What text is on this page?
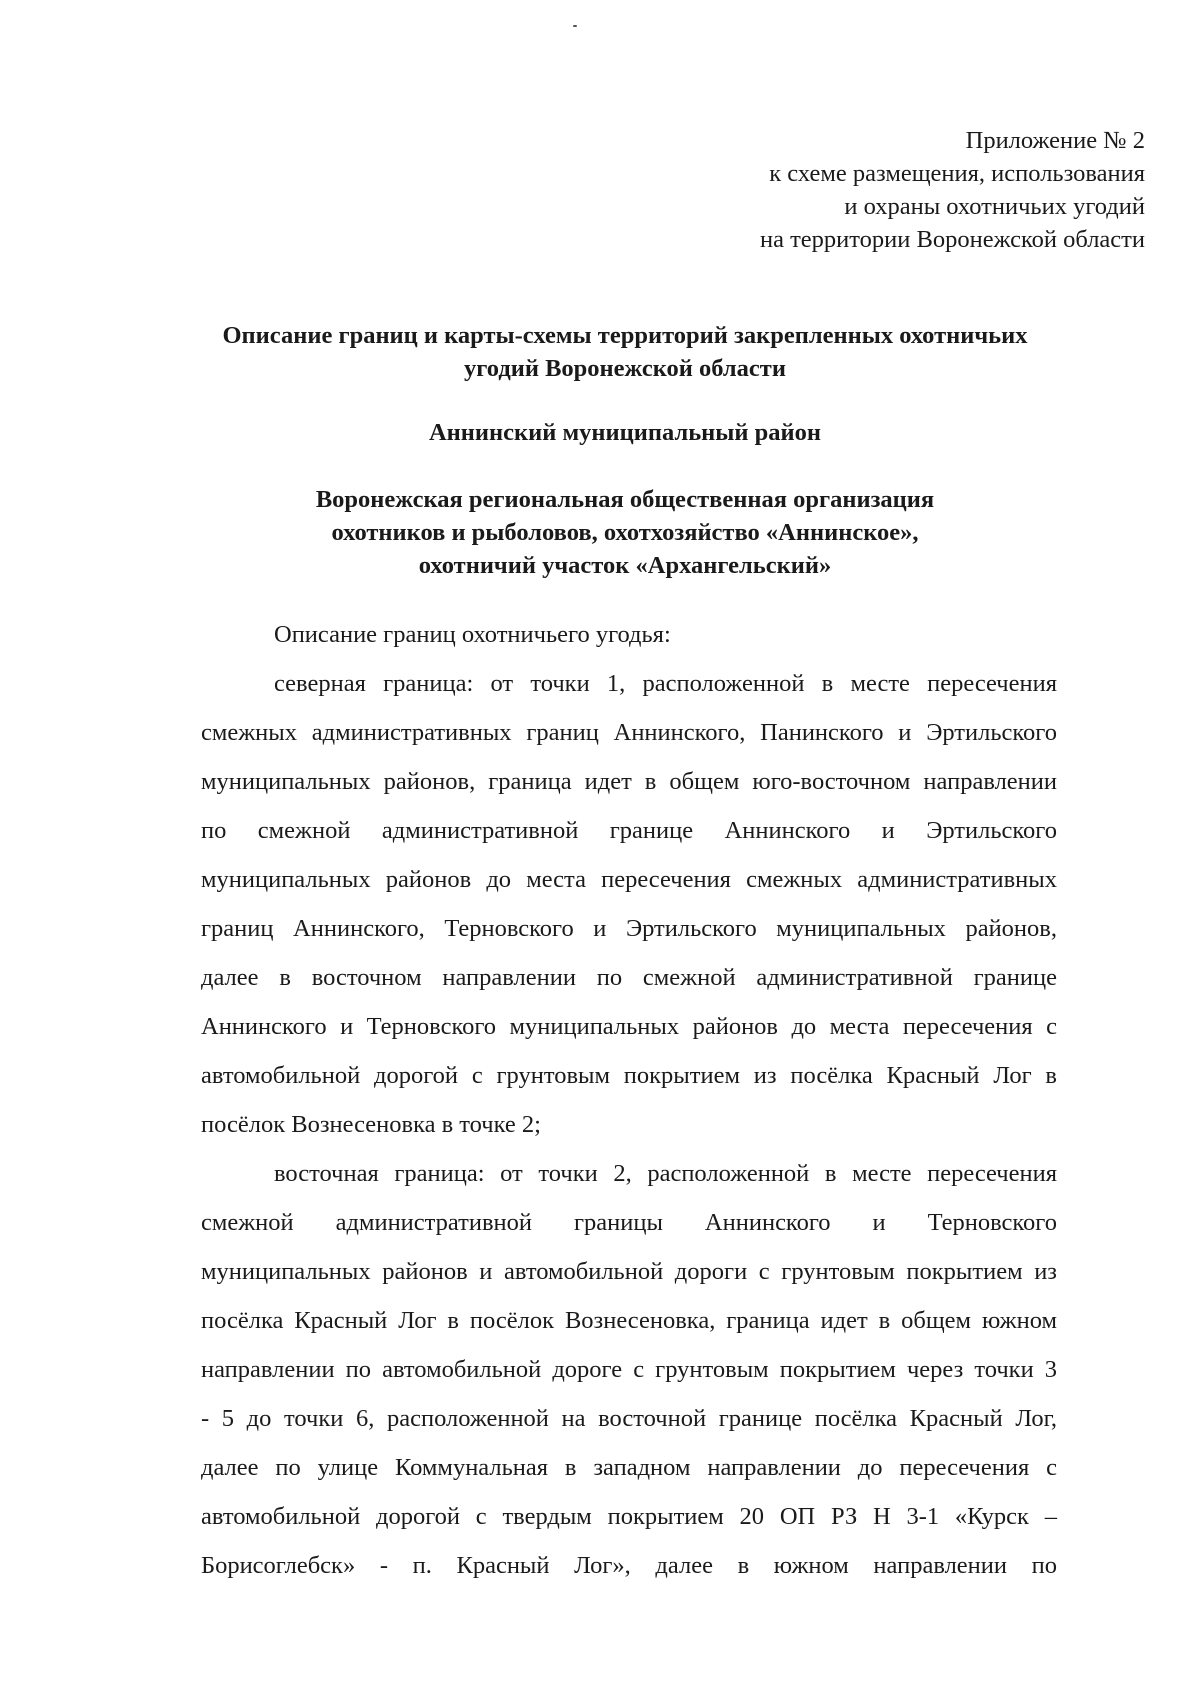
Приложение № 2
к схеме размещения, использования
и охраны охотничьих угодий
на территории Воронежской области
Описание границ и карты-схемы территорий закрепленных охотничьих
угодий Воронежской области
Аннинский муниципальный район
Воронежская региональная общественная организация
охотников и рыболовов, охотхозяйство «Аннинское»,
охотничий участок «Архангельский»
Описание границ охотничьего угодья:
северная граница: от точки 1, расположенной в месте пересечения
смежных административных границ Аннинского, Панинского и Эртильского
муниципальных районов, граница идет в общем юго-восточном направлении
по смежной административной границе Аннинского и Эртильского
муниципальных районов до места пересечения смежных административных
границ Аннинского, Терновского и Эртильского муниципальных районов,
далее в восточном направлении по смежной административной границе
Аннинского и Терновского муниципальных районов до места пересечения с
автомобильной дорогой с грунтовым покрытием из посёлка Красный Лог в
посёлок Вознесеновка в точке 2;
восточная граница: от точки 2, расположенной в месте пересечения
смежной административной границы Аннинского и Терновского
муниципальных районов и автомобильной дороги с грунтовым покрытием из
посёлка Красный Лог в посёлок Вознесеновка, граница идет в общем южном
направлении по автомобильной дороге с грунтовым покрытием через точки 3
- 5 до точки 6, расположенной на восточной границе посёлка Красный Лог,
далее по улице Коммунальная в западном направлении до пересечения с
автомобильной дорогой с твердым покрытием 20 ОП РЗ Н 3-1 «Курск –
Борисоглебск» - п. Красный Лог», далее в южном направлении по
